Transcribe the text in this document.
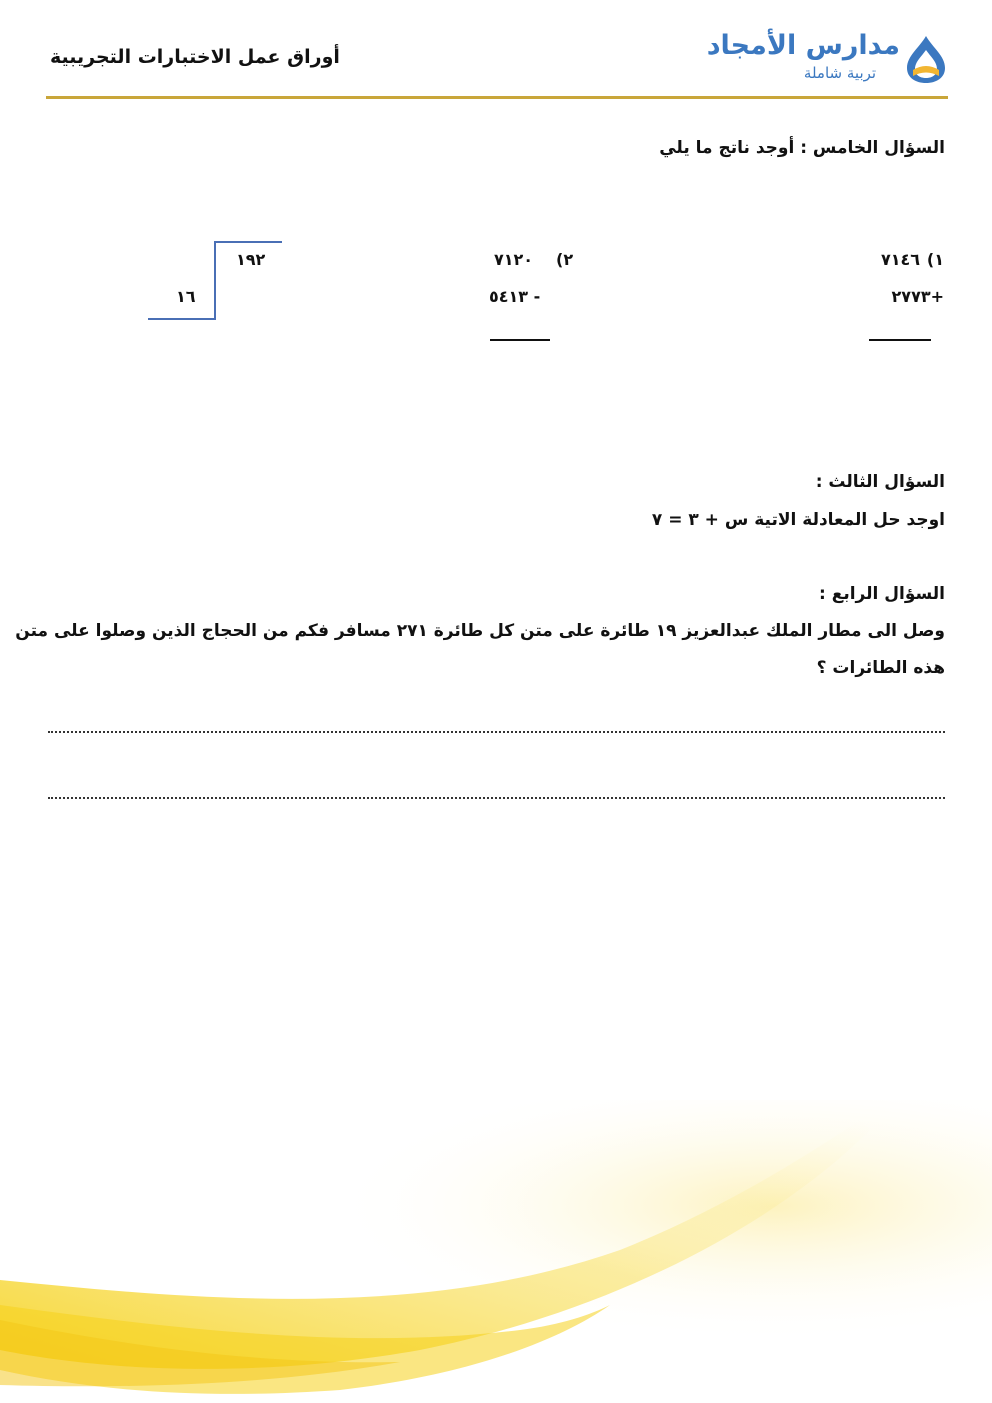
مدارس الأمجاد
تربية شاملة
أوراق عمل الاختبارات التجريبية
السؤال الخامس : أوجد ناتج ما يلي
١)
٧١٤٦
+٢٧٧٣
٢)
٧١٢٠
- ٥٤١٣
١٩٢
١٦
السؤال الثالث :
اوجد حل المعادلة الاتية س + ٣ = ٧
السؤال الرابع :
وصل الى مطار الملك عبدالعزيز ١٩ طائرة على متن كل طائرة ٢٧١ مسافر فكم من الحجاج الذين وصلوا على متن
هذه الطائرات ؟
